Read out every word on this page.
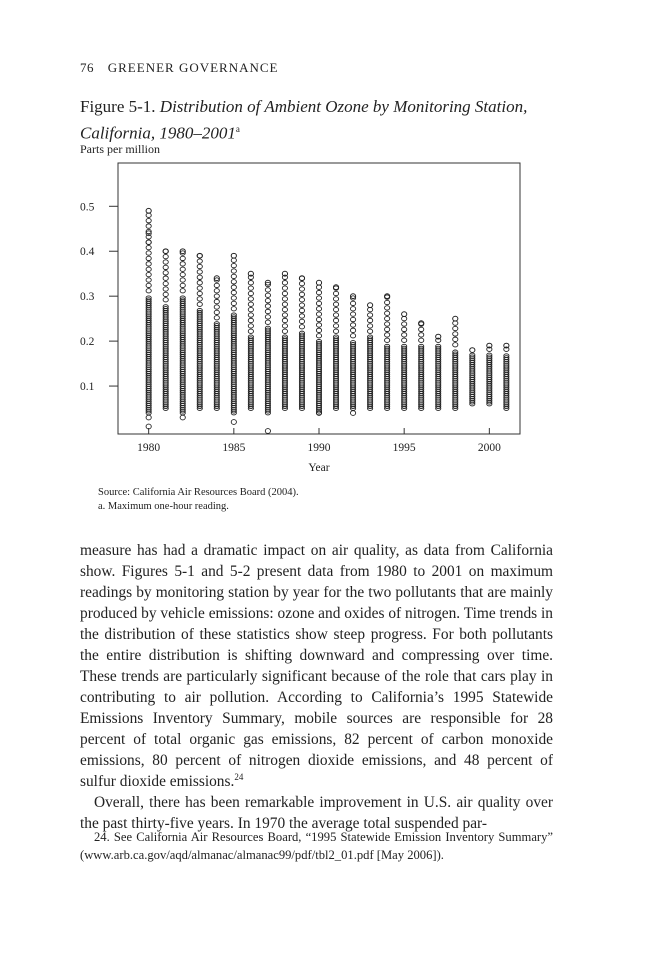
76 GREENER GOVERNANCE
Figure 5-1. Distribution of Ambient Ozone by Monitoring Station, California, 1980–2001$^a$
Parts per million
0.1
0.2
0.3
0.4
0.5
1980	1985	1990	1995	2000
Year
Source: California Air Resources Board (2004).
a. Maximum one-hour reading.

measure has had a dramatic impact on air quality, as data from California show. Figures 5-1 and 5-2 present data from 1980 to 2001 on maximum readings by monitoring station by year for the two pollutants that are mainly produced by vehicle emissions: ozone and oxides of nitrogen. Time trends in the distribution of these statistics show steep progress. For both pollutants the entire distribution is shifting downward and compressing over time. These trends are particularly significant because of the role that cars play in contributing to air pollution. According to California’s 1995 Statewide Emissions Inventory Summary, mobile sources are responsible for 28 percent of total organic gas emissions, 82 percent of carbon monoxide emissions, 80 percent of nitrogen dioxide emissions, and 48 percent of sulfur dioxide emissions.$^{24}$

Overall, there has been remarkable improvement in U.S. air quality over the past thirty-five years. In 1970 the average total suspended par-

24. See California Air Resources Board, “1995 Statewide Emission Inventory Summary” (www.arb.ca.gov/aqd/almanac/almanac99/pdf/tbl2_01.pdf [May 2006]).
